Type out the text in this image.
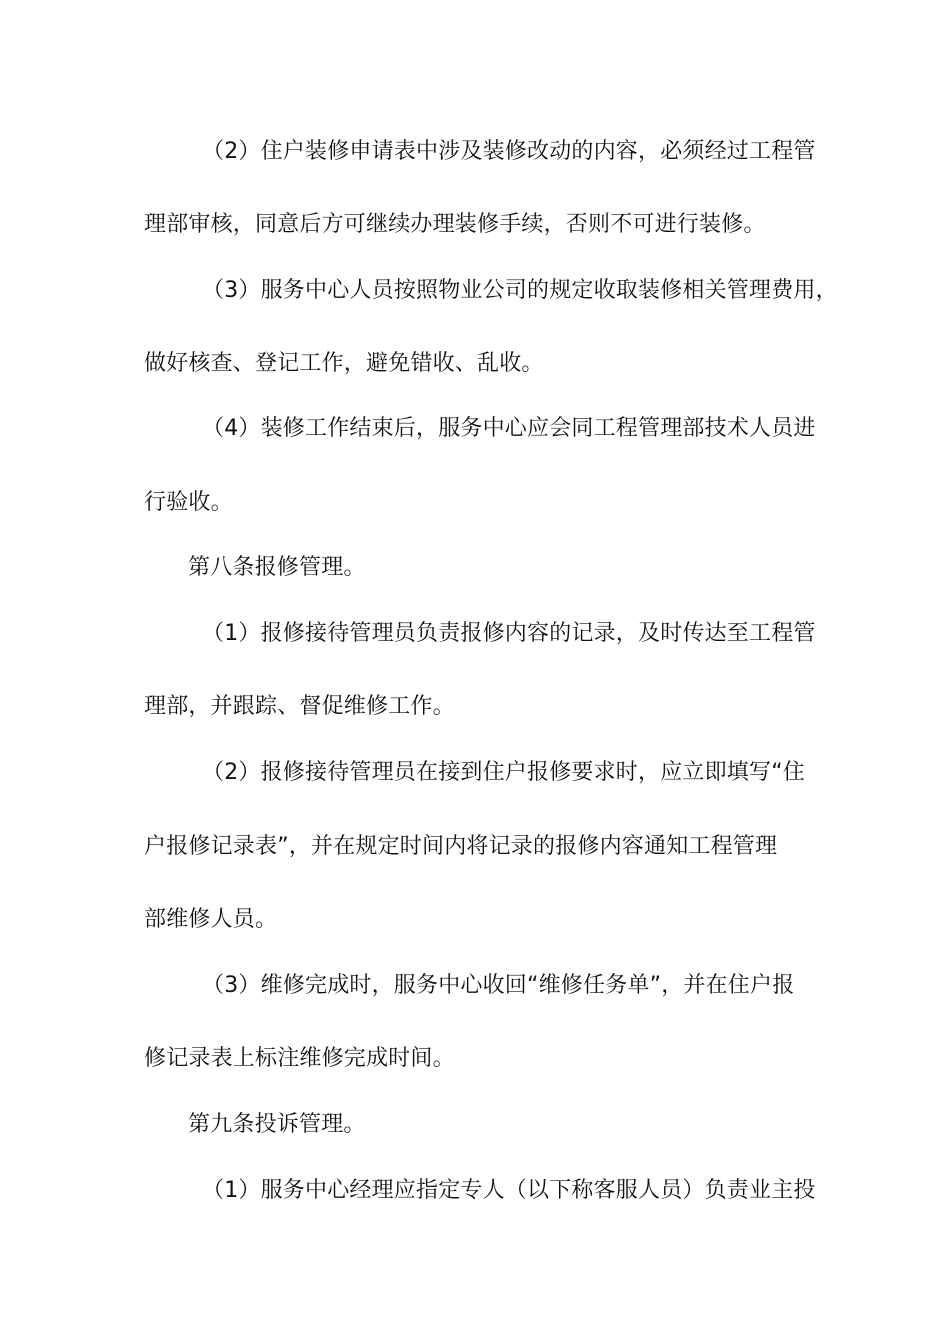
（2）住户装修申请表中涉及装修改动的内容，必须经过工程管
理部审核，同意后方可继续办理装修手续，否则不可进行装修。
（3）服务中心人员按照物业公司的规定收取装修相关管理费用，
做好核查、登记工作，避免错收、乱收。
（4）装修工作结束后，服务中心应会同工程管理部技术人员进
行验收。
第八条报修管理。
（1）报修接待管理员负责报修内容的记录，及时传达至工程管
理部，并跟踪、督促维修工作。
（2）报修接待管理员在接到住户报修要求时，应立即填写“住
户报修记录表”，并在规定时间内将记录的报修内容通知工程管理
部维修人员。
（3）维修完成时，服务中心收回“维修任务单”，并在住户报
修记录表上标注维修完成时间。
第九条投诉管理。
（1）服务中心经理应指定专人（以下称客服人员）负责业主投
